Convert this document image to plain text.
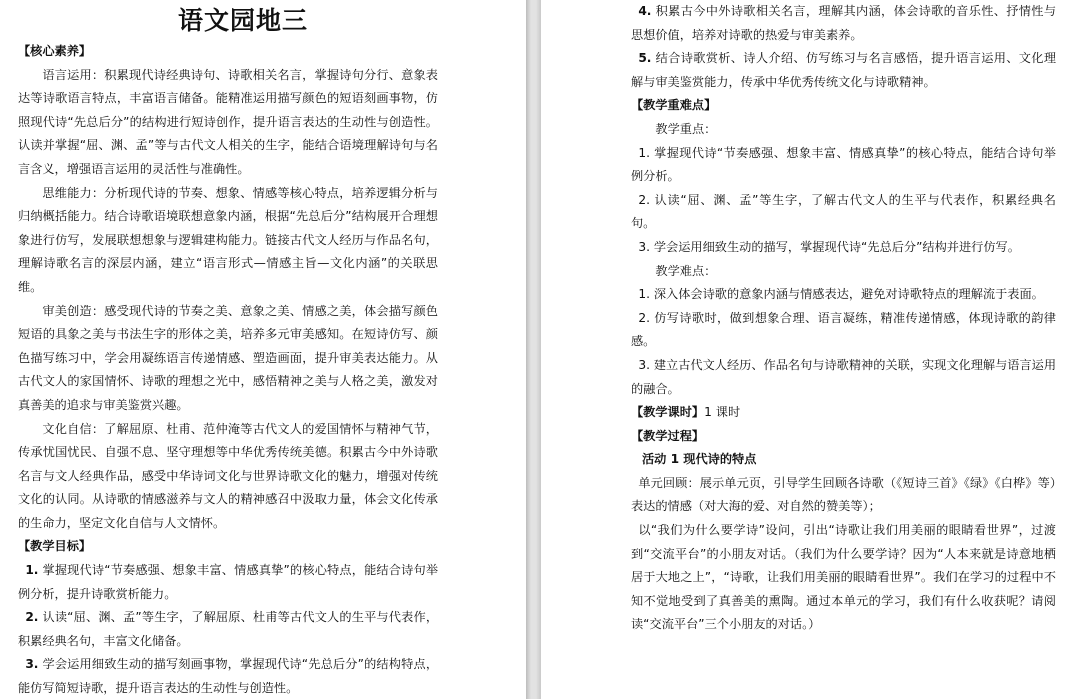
语文园地三
【核心素养】

语言运用：积累现代诗经典诗句、诗歌相关名言，掌握诗句分行、意象表达等诗歌语言特点，丰富语言储备。能精准运用描写颜色的短语刻画事物，仿照现代诗“先总后分”的结构进行短诗创作，提升语言表达的生动性与创造性。认读并掌握“屈、渊、孟”等与古代文人相关的生字，能结合语境理解诗句与名言含义，增强语言运用的灵活性与准确性。

思维能力：分析现代诗的节奏、想象、情感等核心特点，培养逻辑分析与归纳概括能力。结合诗歌语境联想意象内涵，根据“先总后分”结构展开合理想象进行仿写，发展联想想象与逻辑建构能力。链接古代文人经历与作品名句，理解诗歌名言的深层内涵，建立“语言形式—情感主旨—文化内涵”的关联思维。

审美创造：感受现代诗的节奏之美、意象之美、情感之美，体会描写颜色短语的具象之美与书法生字的形体之美，培养多元审美感知。在短诗仿写、颜色描写练习中，学会用凝练语言传递情感、塑造画面，提升审美表达能力。从古代文人的家国情怀、诗歌的理想之光中，感悟精神之美与人格之美，激发对真善美的追求与审美鉴赏兴趣。

文化自信：了解屈原、杜甫、范仲淹等古代文人的爱国情怀与精神气节，传承忧国忧民、自强不息、坚守理想等中华优秀传统美德。积累古今中外诗歌名言与文人经典作品，感受中华诗词文化与世界诗歌文化的魅力，增强对传统文化的认同。从诗歌的情感滋养与文人的精神感召中汲取力量，体会文化传承的生命力，坚定文化自信与人文情怀。

【教学目标】

1. 掌握现代诗“节奏感强、想象丰富、情感真挚”的核心特点，能结合诗句举例分析，提升诗歌赏析能力。

2. 认读“屈、渊、孟”等生字，了解屈原、杜甫等古代文人的生平与代表作，积累经典名句，丰富文化储备。

3. 学会运用细致生动的描写刻画事物，掌握现代诗“先总后分”的结构特点，能仿写简短诗歌，提升语言表达的生动性与创造性。

4. 积累古今中外诗歌相关名言，理解其内涵，体会诗歌的音乐性、抒情性与思想价值，培养对诗歌的热爱与审美素养。

5. 结合诗歌赏析、诗人介绍、仿写练习与名言感悟，提升语言运用、文化理解与审美鉴赏能力，传承中华优秀传统文化与诗歌精神。

【教学重难点】

教学重点：

1. 掌握现代诗“节奏感强、想象丰富、情感真挚”的核心特点，能结合诗句举例分析。

2. 认读“屈、渊、孟”等生字，了解古代文人的生平与代表作，积累经典名句。

3. 学会运用细致生动的描写，掌握现代诗“先总后分”结构并进行仿写。

教学难点：

1. 深入体会诗歌的意象内涵与情感表达，避免对诗歌特点的理解流于表面。

2. 仿写诗歌时，做到想象合理、语言凝练，精准传递情感，体现诗歌的韵律感。

3. 建立古代文人经历、作品名句与诗歌精神的关联，实现文化理解与语言运用的融合。

【教学课时】1 课时
【教学过程】
活动 1 现代诗的特点

单元回顾：展示单元页，引导学生回顾各诗歌（《短诗三首》《绿》《白桦》等）表达的情感（对大海的爱、对自然的赞美等）；

以“我们为什么要学诗”设问，引出“诗歌让我们用美丽的眼睛看世界”，过渡到“交流平台”的小朋友对话。（我们为什么要学诗？因为“人本来就是诗意地栖居于大地之上”，“诗歌，让我们用美丽的眼睛看世界”。我们在学习的过程中不知不觉地受到了真善美的熏陶。通过本单元的学习，我们有什么收获呢？请阅读“交流平台”三个小朋友的对话。）
